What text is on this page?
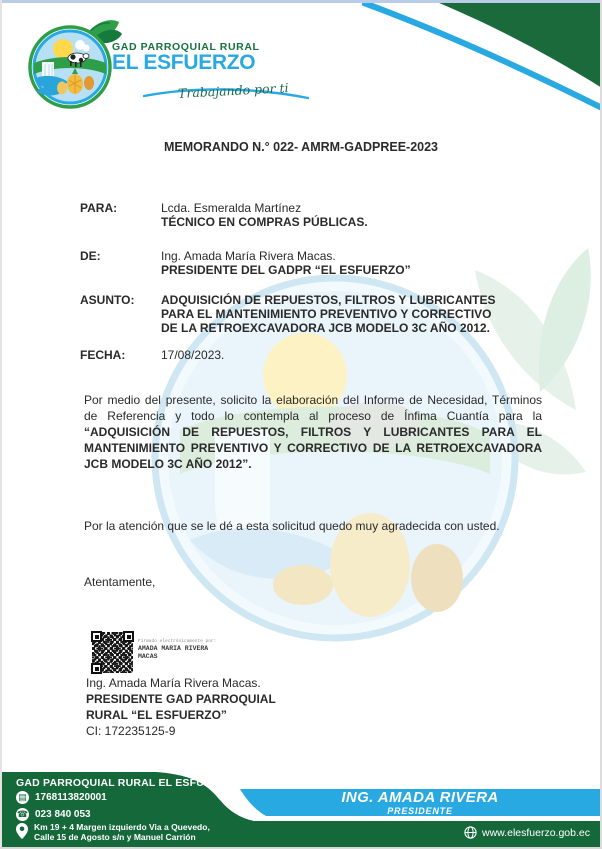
GAD PARROQUIAL RURAL
EL ESFUERZO
Trabajando por ti
MEMORANDO N.° 022- AMRM-GADPREE-2023
PARA:	Lcda. Esmeralda Martínez
TÉCNICO EN COMPRAS PÚBLICAS.
DE:	Ing. Amada María Rivera Macas.
PRESIDENTE DEL GADPR “EL ESFUERZO”
ASUNTO: ADQUISICIÓN DE REPUESTOS, FILTROS Y LUBRICANTES
PARA EL MANTENIMIENTO PREVENTIVO Y CORRECTIVO
DE LA RETROEXCAVADORA JCB MODELO 3C AÑO 2012.
FECHA:	17/08/2023.
Por medio del presente, solicito la elaboración del Informe de Necesidad, Términos de Referencia y todo lo contempla al proceso de Ínfima Cuantía para la “ADQUISICIÓN DE REPUESTOS, FILTROS Y LUBRICANTES PARA EL MANTENIMIENTO PREVENTIVO Y CORRECTIVO DE LA RETROEXCAVADORA JCB MODELO 3C AÑO 2012”.
Por la atención que se le dé a esta solicitud quedo muy agradecida con usted.
Atentamente,
Firmado electrónicamente por:
AMADA MARIA RIVERA
MACAS
Ing. Amada María Rivera Macas.
PRESIDENTE GAD PARROQUIAL
RURAL “EL ESFUERZO”
CI: 172235125-9
GAD PARROQUIAL RURAL EL ESFUERZO
▤ 1768113820001
☎ 023 840 053
Km 19 + 4 Margen izquierdo Via a Quevedo,
Calle 15 de Agosto s/n y Manuel Carrión
ING. AMADA RIVERA
PRESIDENTE
www.elesfuerzo.gob.ec
